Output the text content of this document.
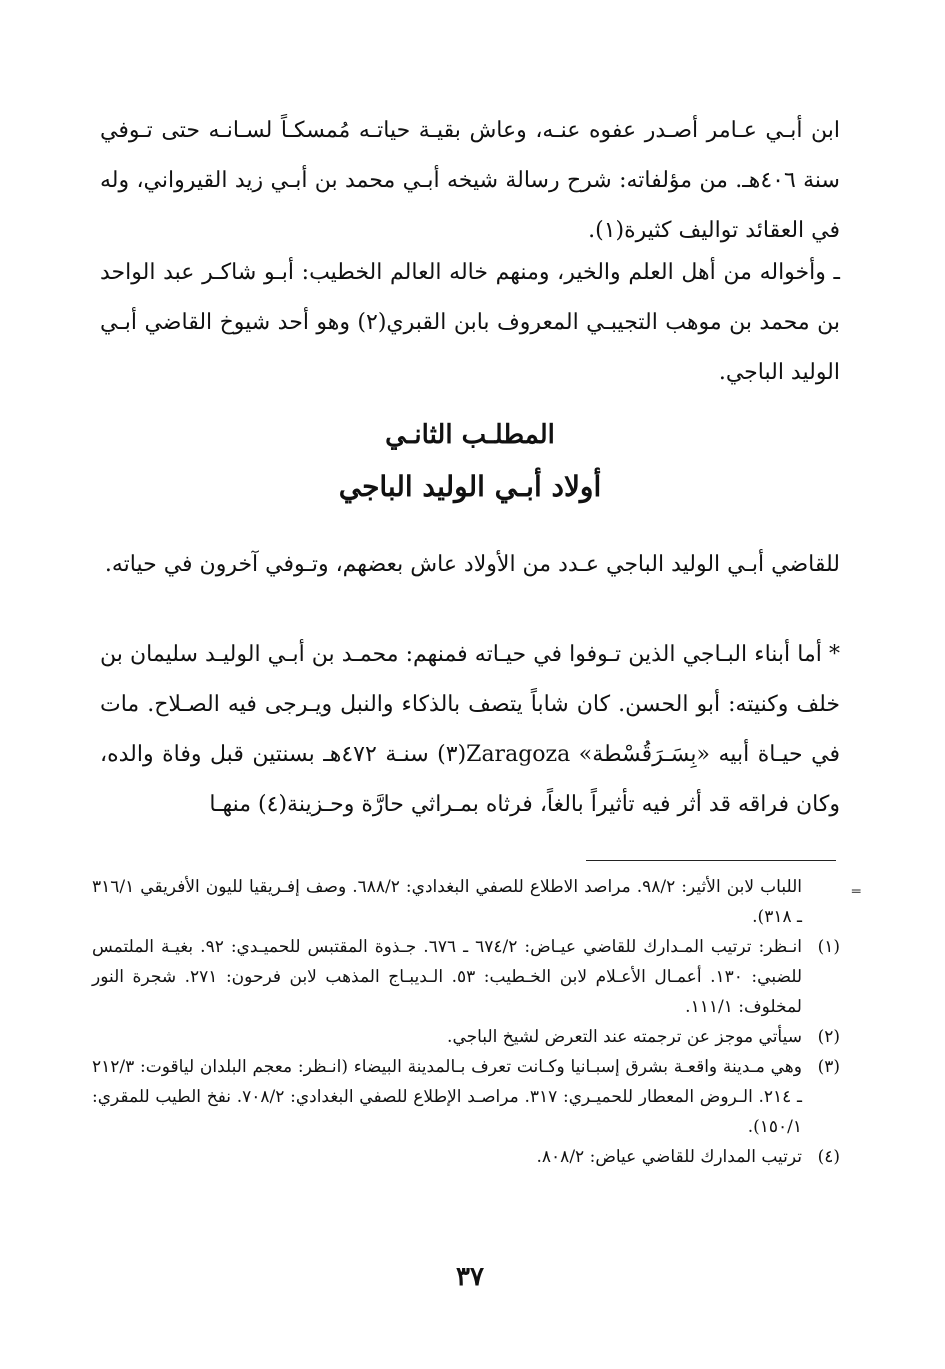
ابن أبـي عـامر أصـدر عفوه عنـه، وعاش بقيـة حياتـه مُمسكـاً لسـانـه حتى تـوفي سنة ٤٠٦هـ. من مؤلفاته: شرح رسالة شيخه أبـي محمد بن أبـي زيد القيرواني، وله في العقائد تواليف كثيرة(١).

ـ وأخواله من أهل العلم والخير، ومنهم خاله العالم الخطيب: أبـو شاكـر عبد الواحد بن محمد بن موهب التجيبـي المعروف بابن القبري(٢) وهو أحد شيوخ القاضي أبـي الوليد الباجي.

المطلـب الثانـي
أولاد أبـي الوليد الباجي

للقاضي أبـي الوليد الباجي عـدد من الأولاد عاش بعضهم، وتـوفي آخرون في حياته.

* أما أبناء البـاجي الذين تـوفوا في حيـاته فمنهم: محمـد بن أبـي الوليـد سليمان بن خلف وكنيته: أبو الحسن. كان شاباً يتصف بالذكاء والنبل ويـرجى فيه الصـلاح. مات في حيـاة أبيه «بِسَـرَقُسْطة» Zaragoza(٣) سنـة ٤٧٢هـ بسنتين قبل وفاة والده، وكان فراقه قد أثر فيه تأثيراً بالغاً، فرثاه بمـراثي حارَّة وحـزينة(٤) منهـا

اللباب لابن الأثير: ٩٨/٢. مراصد الاطلاع للصفي البغدادي: ٦٨٨/٢. وصف إفـريقيا لليون الأفريقي ٣١٦/١ ـ ٣١٨).
(١)
انـظر: ترتيب المـدارك للقاضي عيـاض: ٦٧٤/٢ ـ ٦٧٦. جـذوة المقتبس للحميـدي: ٩٢. بغيـة الملتمس للضبي: ١٣٠. أعمـال الأعـلام لابن الخـطيب: ٥٣. الـديبـاج المذهب لابن فرحون: ٢٧١. شجرة النور لمخلوف: ١١١/١.
(٢)
سيأتي موجز عن ترجمته عند التعرض لشيخ الباجي.
(٣)
وهي مـدينة واقعـة بشرق إسبـانيا وكـانت تعرف بـالمدينة البيضاء (انـظر: معجم البلدان لياقوت: ٢١٢/٣ ـ ٢١٤. الـروض المعطار للحميـري: ٣١٧. مراصـد الإطلاع للصفي البغدادي: ٧٠٨/٢. نفخ الطيب للمقري: ١٥٠/١).
(٤)
ترتيب المدارك للقاضي عياض: ٨٠٨/٢.
٣٧
═
